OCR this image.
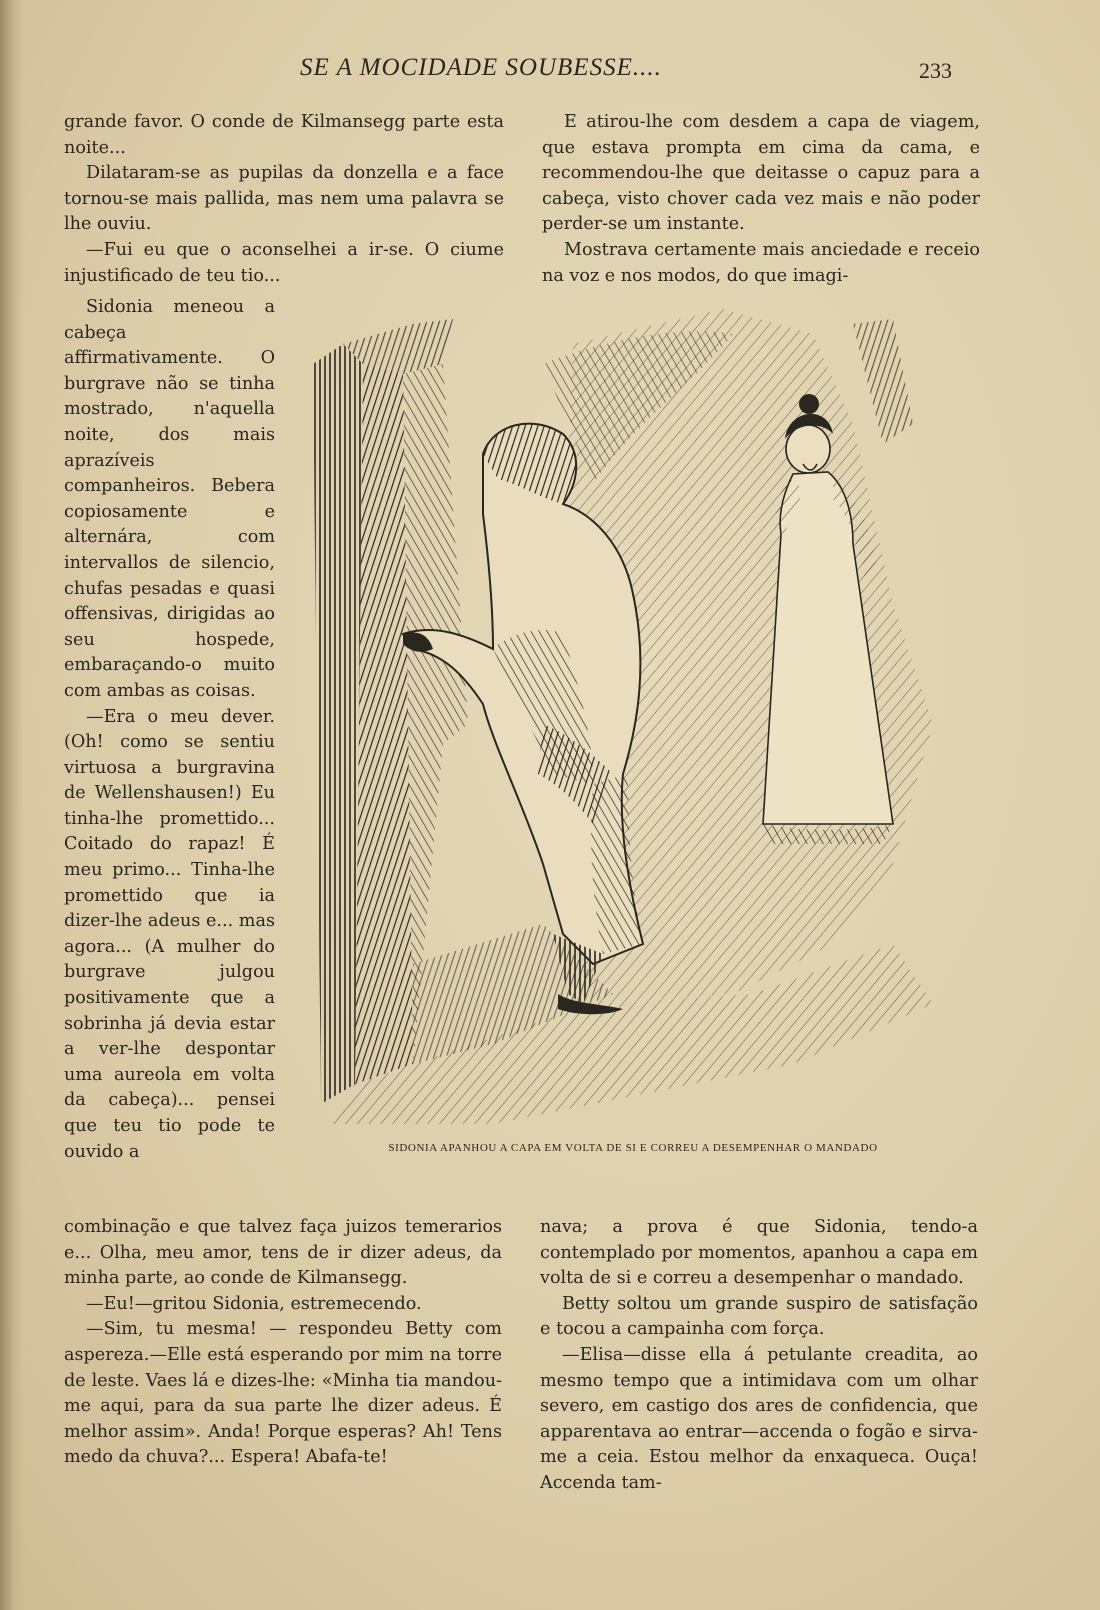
SE A MOCIDADE SOUBESSE....	233

grande favor. O conde de Kilmansegg parte esta noite...

Dilataram-se as pupilas da donzella e a face tornou-se mais pallida, mas nem uma palavra se lhe ouviu.

—Fui eu que o aconselhei a ir-se. O ciume injustificado de teu tio...

Sidonia meneou a cabeça affirmativamente. O burgrave não se tinha mostrado, n'aquella noite, dos mais aprazíveis companheiros. Bebera copiosamente e alternára, com intervallos de silencio, chufas pesadas e quasi offensivas, dirigidas ao seu hospede, embaraçando-o muito com ambas as coisas.

—Era o meu dever. (Oh! como se sentiu virtuosa a burgravina de Wellenshausen!) Eu tinha-lhe promettido... Coitado do rapaz! É meu primo... Tinha-lhe promettido que ia dizer-lhe adeus e... mas agora... (A mulher do burgrave julgou positivamente que a sobrinha já devia estar a ver-lhe despontar uma aureola em volta da cabeça)... pensei que teu tio pode te ouvido a

E atirou-lhe com desdem a capa de viagem, que estava prompta em cima da cama, e recommendou-lhe que deitasse o capuz para a cabeça, visto chover cada vez mais e não poder perder-se um instante.

Mostrava certamente mais anciedade e receio na voz e nos modos, do que imagi-

SIDONIA APANHOU A CAPA EM VOLTA DE SI E CORREU A DESEMPENHAR O MANDADO

combinação e que talvez faça juizos temerarios e... Olha, meu amor, tens de ir dizer adeus, da minha parte, ao conde de Kilmansegg.

—Eu!—gritou Sidonia, estremecendo.

—Sim, tu mesma! — respondeu Betty com aspereza.—Elle está esperando por mim na torre de leste. Vaes lá e dizes-lhe: «Minha tia mandou-me aqui, para da sua parte lhe dizer adeus. É melhor assim». Anda! Porque esperas? Ah! Tens medo da chuva?... Espera! Abafa-te!

nava; a prova é que Sidonia, tendo-a contemplado por momentos, apanhou a capa em volta de si e correu a desempenhar o mandado.

Betty soltou um grande suspiro de satisfação e tocou a campainha com força.

—Elisa—disse ella á petulante creadita, ao mesmo tempo que a intimidava com um olhar severo, em castigo dos ares de confidencia, que apparentava ao entrar—accenda o fogão e sirva-me a ceia. Estou melhor da enxaqueca. Ouça! Accenda tam-
